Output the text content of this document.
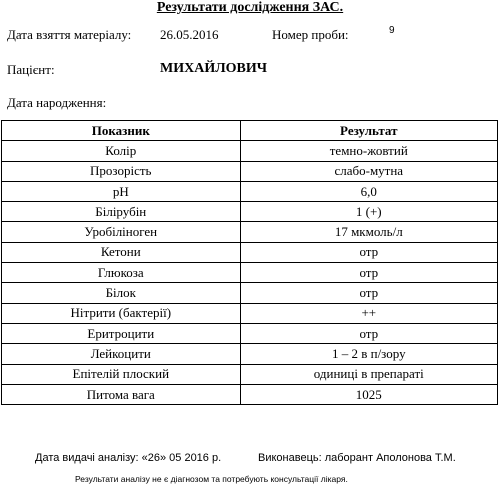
Результати дослідження ЗАС.
Дата взяття матеріалу: 26.05.2016	Номер проби:	9
Пацієнт:	МИХАЙЛОВИЧ
Дата народження:
Показник	Результат
Колір	темно-жовтий
Прозорість	слабо-мутна
pH	6,0
Білірубін	1 (+)
Уробіліноген	17 мкмоль/л
Кетони	отр
Глюкоза	отр
Білок	отр
Нітрити (бактерії)	++
Еритроцити	отр
Лейкоцити	1 – 2 в п/зору
Епітелій плоский	одиниці в препараті
Питома вага	1025
Дата видачі аналізу: «26» 05 2016 р.	Виконавець: лаборант Аполонова Т.М.
Результати аналізу не є діагнозом та потребують консультації лікаря.
